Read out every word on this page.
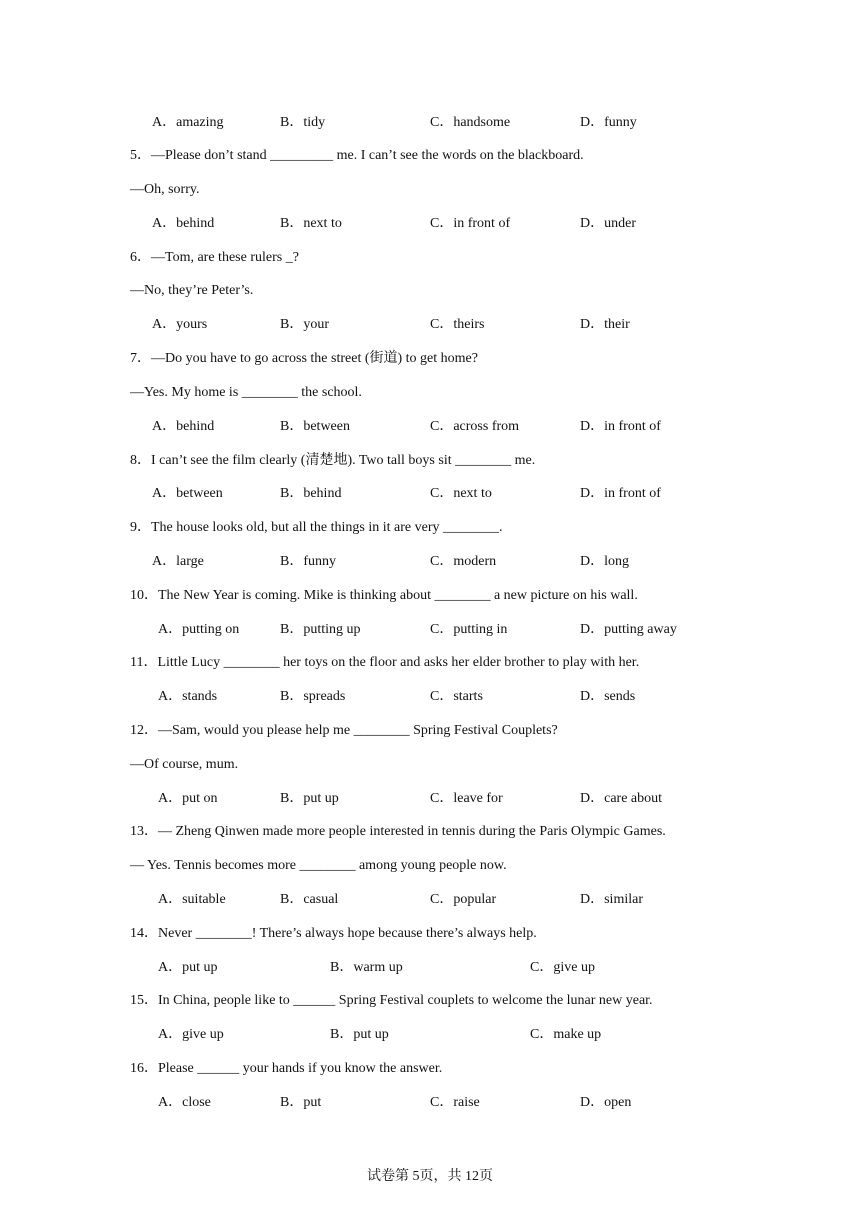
A．amazing	B．tidy	C．handsome	D．funny
5．—Please don’t stand _________ me. I can’t see the words on the blackboard.
—Oh, sorry.
A．behind	B．next to	C．in front of	D．under
6．—Tom, are these rulers _?
—No, they’re Peter’s.
A．yours	B．your	C．theirs	D．their
7．—Do you have to go across the street (街道) to get home?
—Yes. My home is ________ the school.
A．behind	B．between	C．across from	D．in front of
8．I can’t see the film clearly (清楚地). Two tall boys sit ________ me.
A．between	B．behind	C．next to	D．in front of
9．The house looks old, but all the things in it are very ________.
A．large	B．funny	C．modern	D．long
10．The New Year is coming. Mike is thinking about ________ a new picture on his wall.
A．putting on	B．putting up	C．putting in	D．putting away
11．Little Lucy ________ her toys on the floor and asks her elder brother to play with her.
A．stands	B．spreads	C．starts	D．sends
12．—Sam, would you please help me ________ Spring Festival Couplets?
—Of course, mum.
A．put on	B．put up	C．leave for	D．care about
13．— Zheng Qinwen made more people interested in tennis during the Paris Olympic Games.
— Yes. Tennis becomes more ________ among young people now.
A．suitable	B．casual	C．popular	D．similar
14．Never ________! There’s always hope because there’s always help.
A．put up	B．warm up	C．give up
15．In China, people like to ______ Spring Festival couplets to welcome the lunar new year.
A．give up	B．put up	C．make up
16．Please ______ your hands if you know the answer.
A．close	B．put	C．raise	D．open
试卷第 5页，共 12页
